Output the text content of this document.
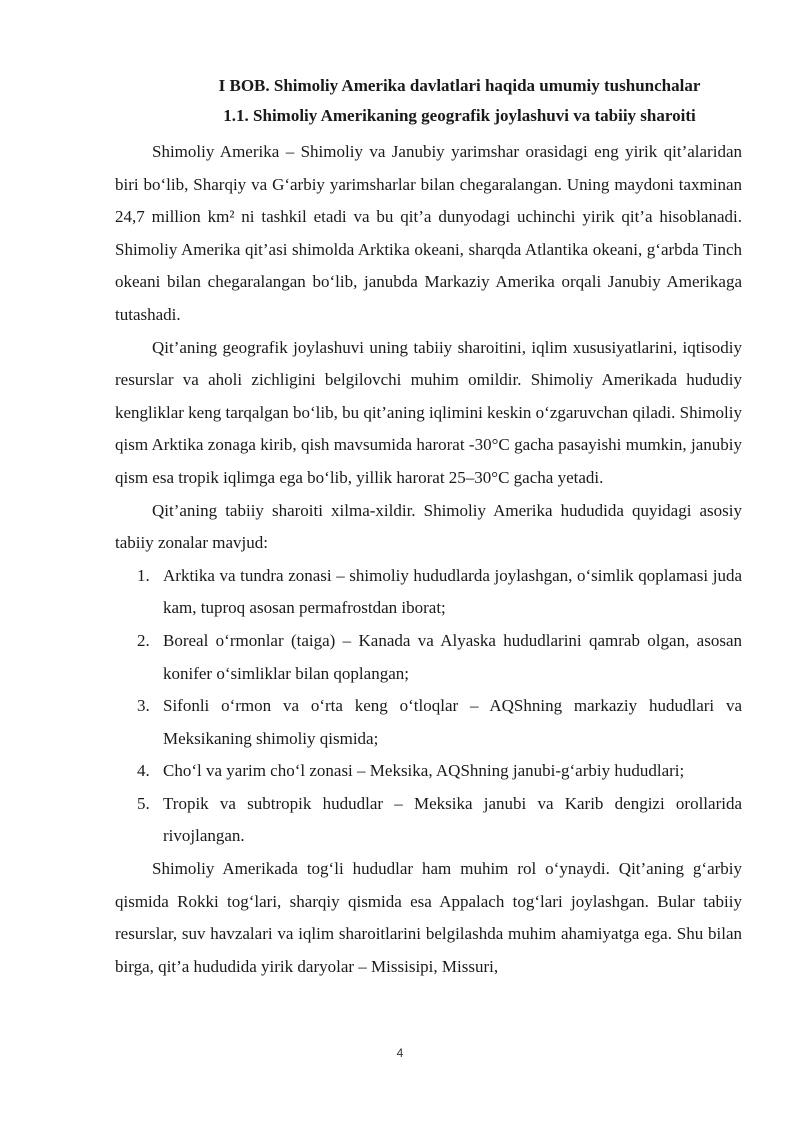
I BOB. Shimoliy Amerika davlatlari haqida umumiy tushunchalar
1.1. Shimoliy Amerikaning geografik joylashuvi va tabiiy sharoiti

Shimoliy Amerika – Shimoliy va Janubiy yarimshar orasidagi eng yirik qit’alaridan biri bo‘lib, Sharqiy va G‘arbiy yarimsharlar bilan chegaralangan. Uning maydoni taxminan 24,7 million km² ni tashkil etadi va bu qit’a dunyodagi uchinchi yirik qit’a hisoblanadi. Shimoliy Amerika qit’asi shimolda Arktika okeani, sharqda Atlantika okeani, g‘arbda Tinch okeani bilan chegaralangan bo‘lib, janubda Markaziy Amerika orqali Janubiy Amerikaga tutashadi.

Qit’aning geografik joylashuvi uning tabiiy sharoitini, iqlim xususiyatlarini, iqtisodiy resurslar va aholi zichligini belgilovchi muhim omildir. Shimoliy Amerikada hududiy kengliklar keng tarqalgan bo‘lib, bu qit’aning iqlimini keskin o‘zgaruvchan qiladi. Shimoliy qism Arktika zonaga kirib, qish mavsumida harorat -30°C gacha pasayishi mumkin, janubiy qism esa tropik iqlimga ega bo‘lib, yillik harorat 25–30°C gacha yetadi.

Qit’aning tabiiy sharoiti xilma-xildir. Shimoliy Amerika hududida quyidagi asosiy tabiiy zonalar mavjud:

1. Arktika va tundra zonasi – shimoliy hududlarda joylashgan, o‘simlik qoplamasi juda kam, tuproq asosan permafrostdan iborat;
2. Boreal o‘rmonlar (taiga) – Kanada va Alyaska hududlarini qamrab olgan, asosan konifer o‘simliklar bilan qoplangan;
3. Sifonli o‘rmon va o‘rta keng o‘tloqlar – AQShning markaziy hududlari va Meksikaning shimoliy qismida;
4. Cho‘l va yarim cho‘l zonasi – Meksika, AQShning janubi-g‘arbiy hududlari;
5. Tropik va subtropik hududlar – Meksika janubi va Karib dengizi orollarida rivojlangan.

Shimoliy Amerikada tog‘li hududlar ham muhim rol o‘ynaydi. Qit’aning g‘arbiy qismida Rokki tog‘lari, sharqiy qismida esa Appalach tog‘lari joylashgan. Bular tabiiy resurslar, suv havzalari va iqlim sharoitlarini belgilashda muhim ahamiyatga ega. Shu bilan birga, qit’a hududida yirik daryolar – Missisipi, Missuri,

4
